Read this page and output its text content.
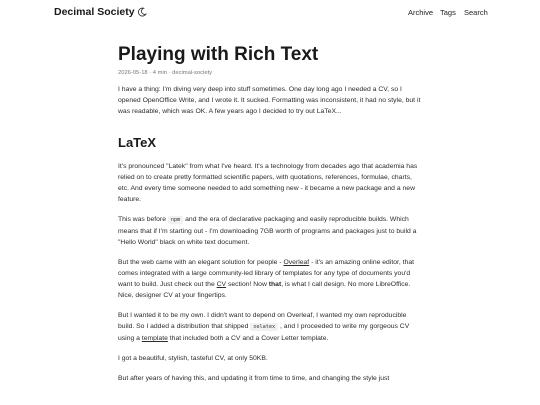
Decimal Society	Archive Tags Search
Playing with Rich Text
2026-05-18 · 4 min · decimal-society

I have a thing: I'm diving very deep into stuff sometimes. One day long ago I needed a CV, so I opened OpenOffice Write, and I wrote it. It sucked. Formatting was inconsistent, it had no style, but it was readable, which was OK. A few years ago I decided to try out LaTeX...

LaTeX

It's pronounced "Latek" from what I've heard. It's a technology from decades ago that academia has relied on to create pretty formatted scientific papers, with quotations, references, formulae, charts, etc. And every time someone needed to add something new - it became a new package and a new feature.

This was before npm and the era of declarative packaging and easily reproducible builds. Which means that if I'm starting out - I'm downloading 7GB worth of programs and packages just to build a "Hello World" black on white text document.

But the web came with an elegant solution for people - Overleaf - it's an amazing online editor, that comes integrated with a large community-led library of templates for any type of documents you'd want to build. Just check out the CV section! Now that, is what I call design. No more LibreOffice. Nice, designer CV at your fingertips.

But I wanted it to be my own. I didn't want to depend on Overleaf, I wanted my own reproducible build. So I added a distribution that shipped xelatex , and I proceeded to write my gorgeous CV using a template that included both a CV and a Cover Letter template.

I got a beautiful, stylish, tasteful CV, at only 50KB.

But after years of having this, and updating it from time to time, and changing the style just
